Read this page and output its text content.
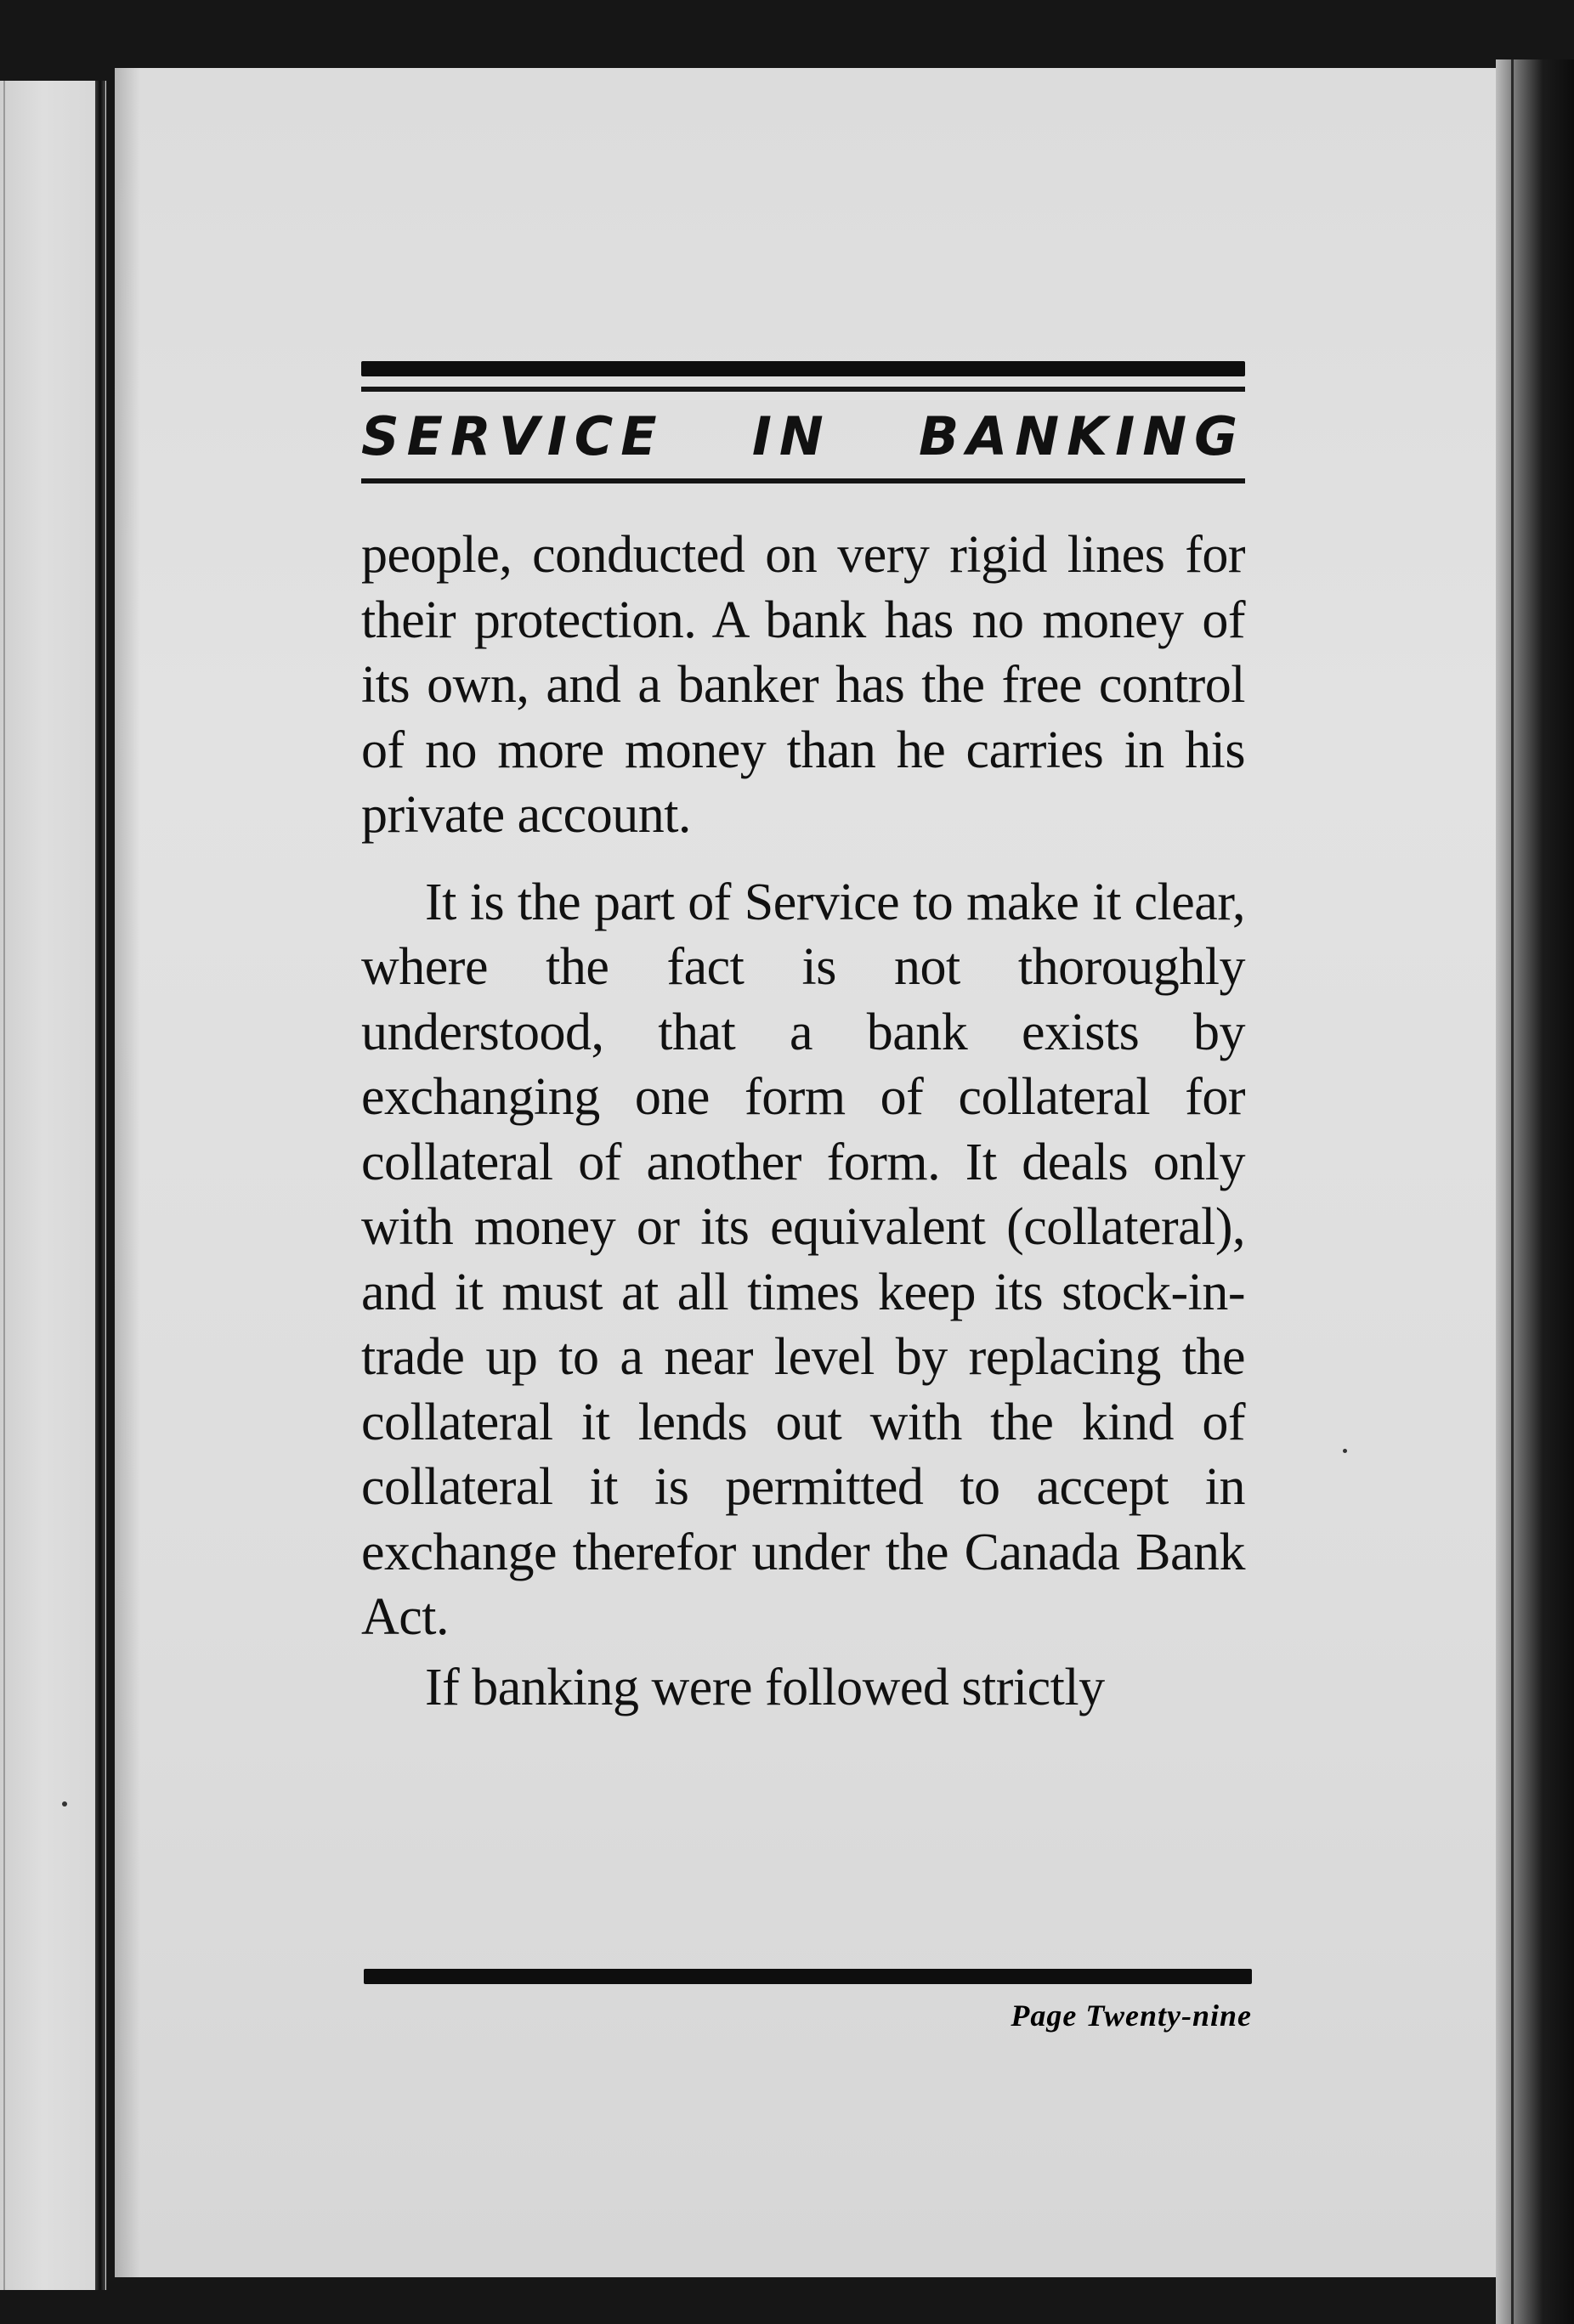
SERVICE IN BANKING

people, conducted on very rigid lines for their protection. A bank has no money of its own, and a banker has the free control of no more money than he carries in his private account.

It is the part of Service to make it clear, where the fact is not thoroughly understood, that a bank exists by exchanging one form of collateral for collateral of another form. It deals only with money or its equivalent (collateral), and it must at all times keep its stock-in-trade up to a near level by replacing the collateral it lends out with the kind of collateral it is permitted to accept in exchange therefor under the Canada Bank Act.

If banking were followed strictly

Page Twenty-nine
